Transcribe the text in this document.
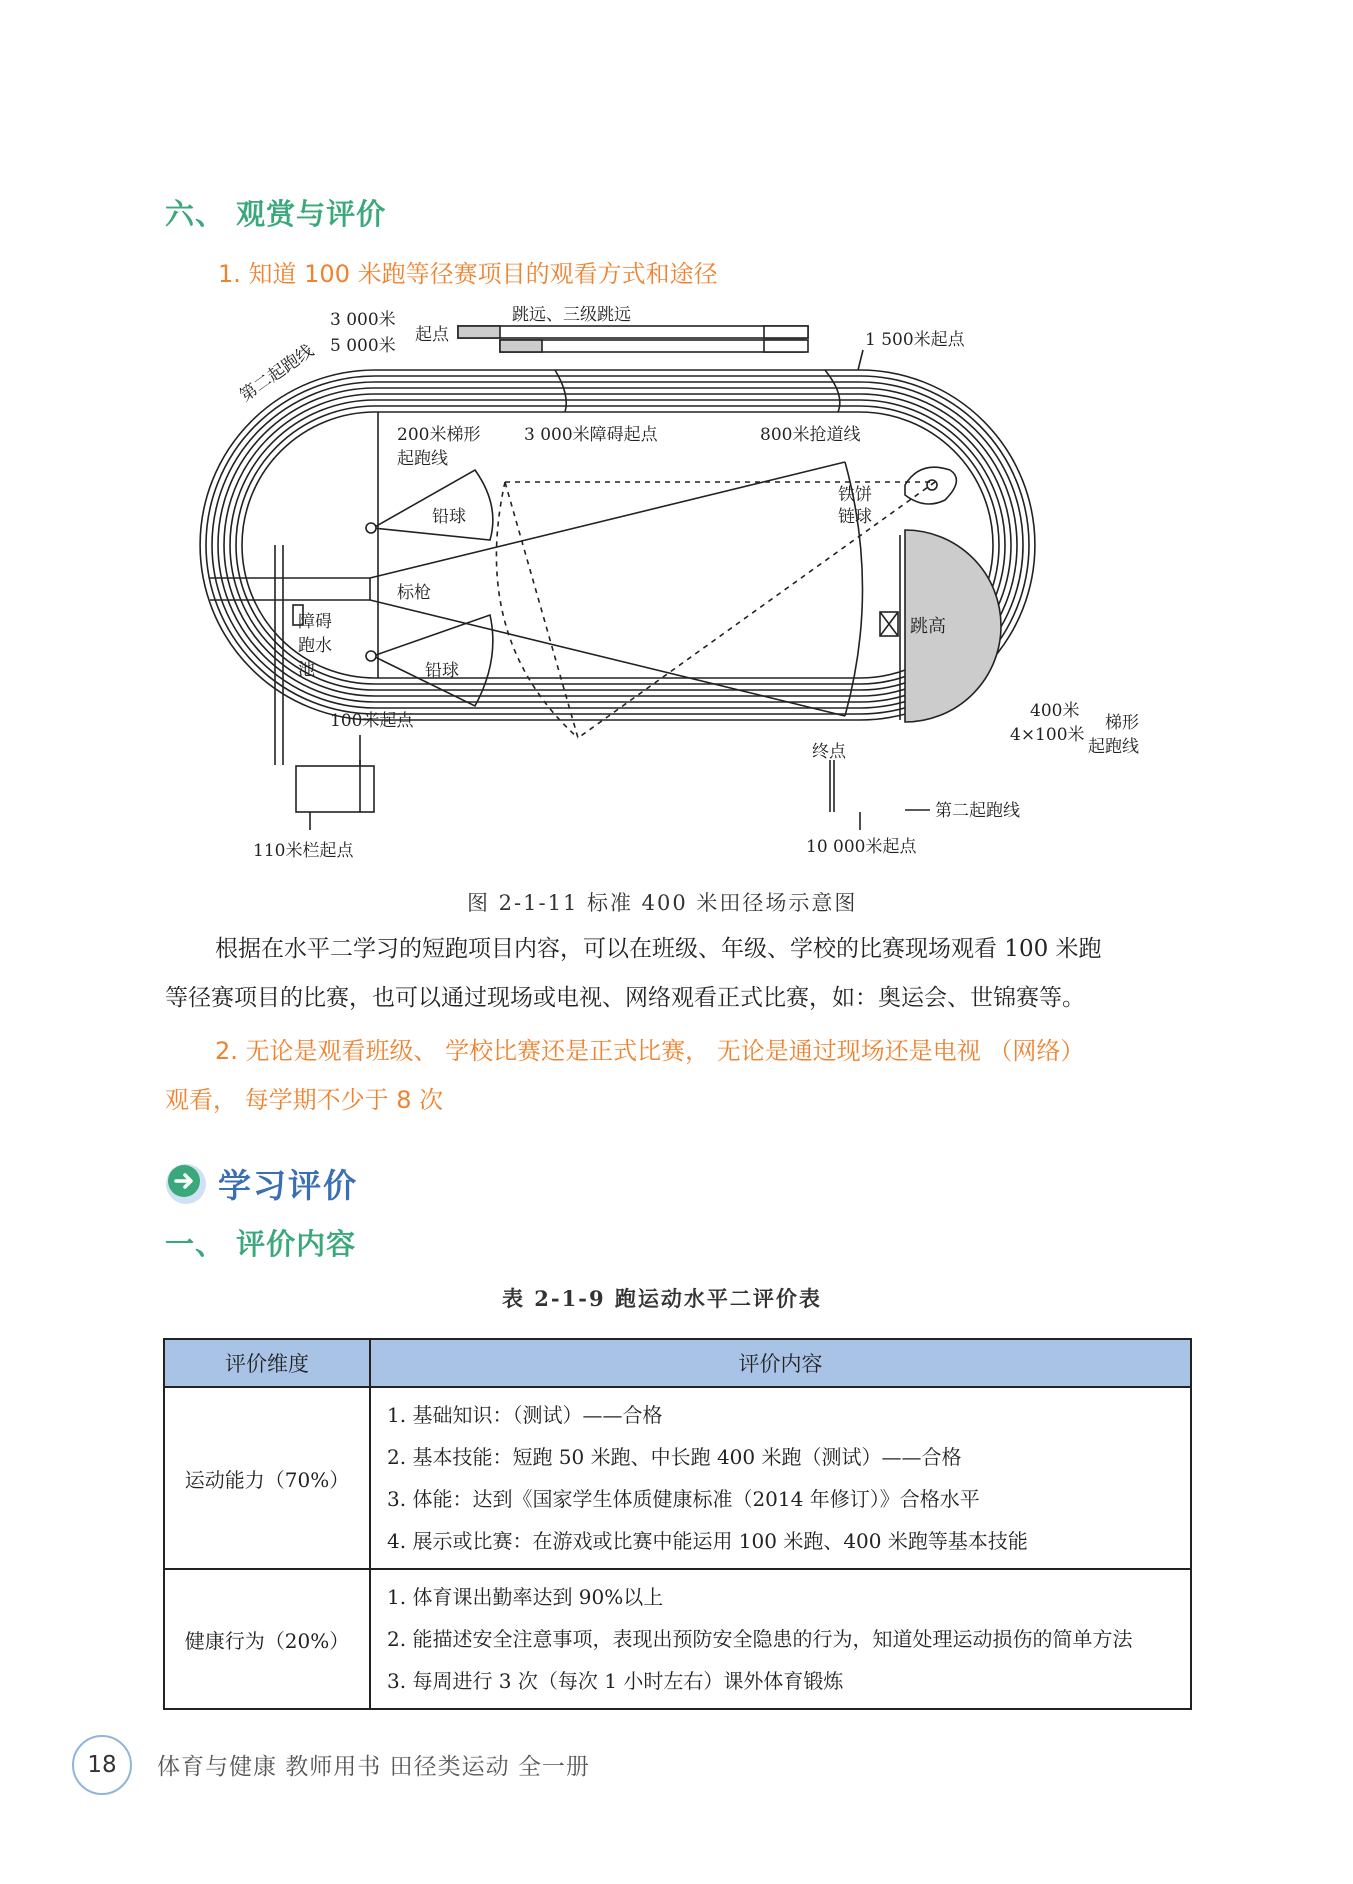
六、 观赏与评价
1. 知道 100 米跑等径赛项目的观看方式和途径
3 000米
5 000米
起点
跳远、三级跳远
1 500米起点
第二起跑线
200米梯形
起跑线
3 000米障碍起点	800米抢道线
铁饼
链球
铅球
标枪
跳高
障碍
跑水
池	铅球
100米起点	400米
4×100米
梯形
起跑线
终点
第二起跑线
110米栏起点	10 000米起点
图 2-1-11 标准 400 米田径场示意图
根据在水平二学习的短跑项目内容，可以在班级、年级、学校的比赛现场观看 100 米跑
等径赛项目的比赛，也可以通过现场或电视、网络观看正式比赛，如：奥运会、世锦赛等。
2. 无论是观看班级、 学校比赛还是正式比赛， 无论是通过现场还是电视 （网络）
观看， 每学期不少于 8 次
学习评价
一、 评价内容
表 2-1-9 跑运动水平二评价表
评价维度	评价内容
运动能力（70%）	1. 基础知识：（测试）——合格
2. 基本技能：短跑 50 米跑、中长跑 400 米跑（测试）——合格
3. 体能：达到《国家学生体质健康标准（2014 年修订）》合格水平
4. 展示或比赛：在游戏或比赛中能运用 100 米跑、400 米跑等基本技能

健康行为（20%）	1. 体育课出勤率达到 90%以上
2. 能描述安全注意事项，表现出预防安全隐患的行为，知道处理运动损伤的简单方法
3. 每周进行 3 次（每次 1 小时左右）课外体育锻炼
18 体育与健康 教师用书 田径类运动 全一册
